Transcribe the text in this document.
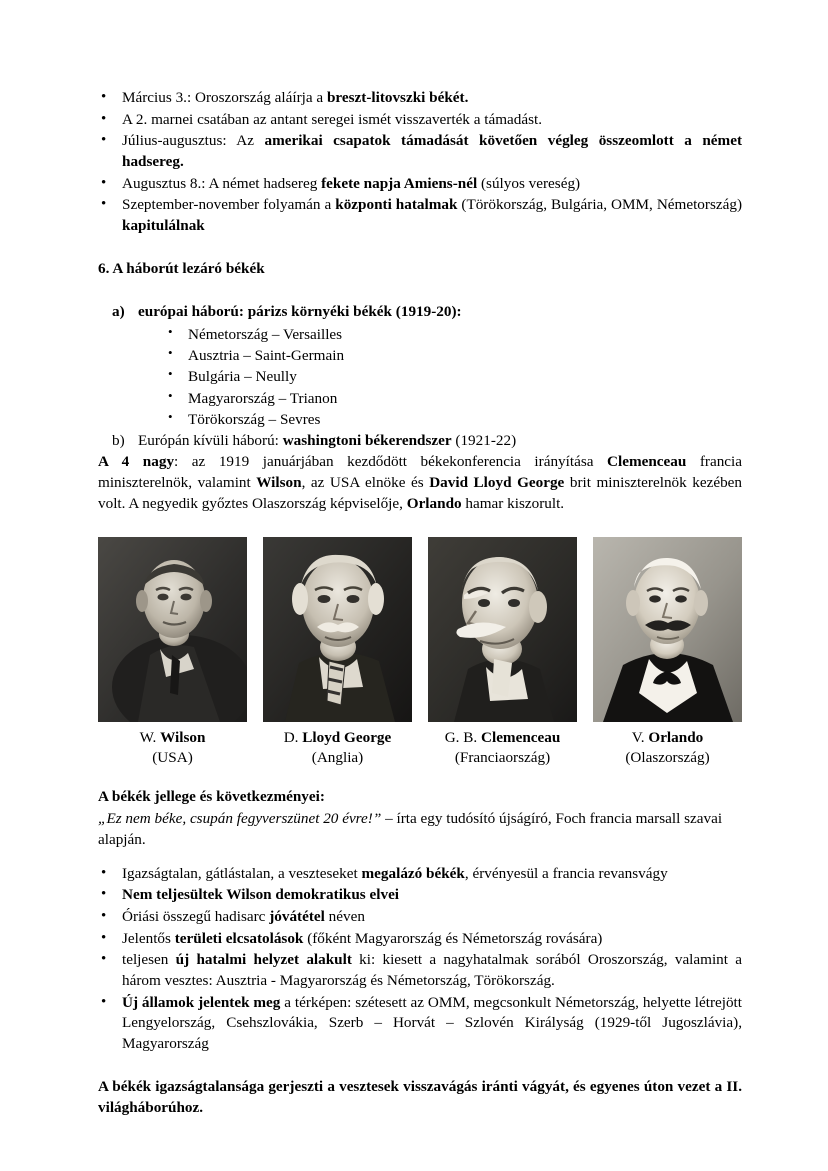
• Március 3.: Oroszország aláírja a breszt-litovszki békét.
• A 2. marnei csatában az antant seregei ismét visszaverték a támadást.
• Július-augusztus: Az amerikai csapatok támadását követően végleg összeomlott a német hadsereg.
• Augusztus 8.: A német hadsereg fekete napja Amiens-nél (súlyos vereség)
• Szeptember-november folyamán a központi hatalmak (Törökország, Bulgária, OMM, Németország) kapitulálnak
6. A háborút lezáró békék
a) európai háború: párizs környéki békék (1919-20):
• Németország – Versailles
• Ausztria – Saint-Germain
• Bulgária – Neully
• Magyarország – Trianon
• Törökország – Sevres
b) Európán kívüli háború: washingtoni békerendszer (1921-22)

A 4 nagy: az 1919 januárjában kezdődött békekonferencia irányítása Clemenceau francia miniszterelnök, valamint Wilson, az USA elnöke és David Lloyd George brit miniszterelnök kezében volt. A negyedik győztes Olaszország képviselője, Orlando hamar kiszorult.

W. Wilson
(USA)
D. Lloyd George
(Anglia)
G. B. Clemenceau
(Franciaország)
V. Orlando
(Olaszország)
A békék jellege és következményei:

„Ez nem béke, csupán fegyverszünet 20 évre!” – írta egy tudósító újságíró, Foch francia marsall szavai alapján.

• Igazságtalan, gátlástalan, a veszteseket megalázó békék, érvényesül a francia revansvágy
• Nem teljesültek Wilson demokratikus elvei
• Óriási összegű hadisarc jóvátétel néven
• Jelentős területi elcsatolások (főként Magyarország és Németország rovására)
• teljesen új hatalmi helyzet alakult ki: kiesett a nagyhatalmak sorából Oroszország, valamint a három vesztes: Ausztria - Magyarország és Németország, Törökország.
• Új államok jelentek meg a térképen: szétesett az OMM, megcsonkult Németország, helyette létrejött Lengyelország, Csehszlovákia, Szerb – Horvát – Szlovén Királyság (1929-től Jugoszlávia), Magyarország

A békék igazságtalansága gerjeszti a vesztesek visszavágás iránti vágyát, és egyenes úton vezet a II. világháborúhoz.
